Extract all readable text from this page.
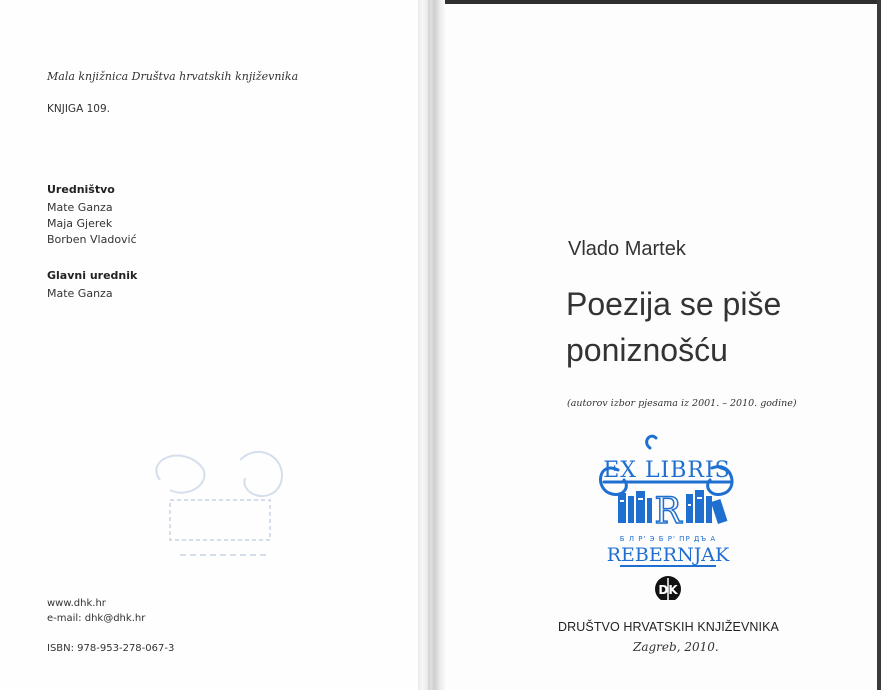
Mala knjižnica Društva hrvatskih književnika
KNJIGA 109.
Uredništvo
Mate Ganza
Maja Gjerek
Borben Vladović
Glavni urednik
Mate Ganza
www.dhk.hr
e-mail: dhk@dhk.hr
ISBN: 978-953-278-067-3
Vlado Martek
Poezija se piše
poniznošću
(autorov izbor pjesama iz 2001. – 2010. godine)
EX LIBRIS
R
Б Л Р' Э Б Р' ПР ДЪ А
REBERNJAK
DK
DRUŠTVO HRVATSKIH KNJIŽEVNIKA
Zagreb, 2010.
